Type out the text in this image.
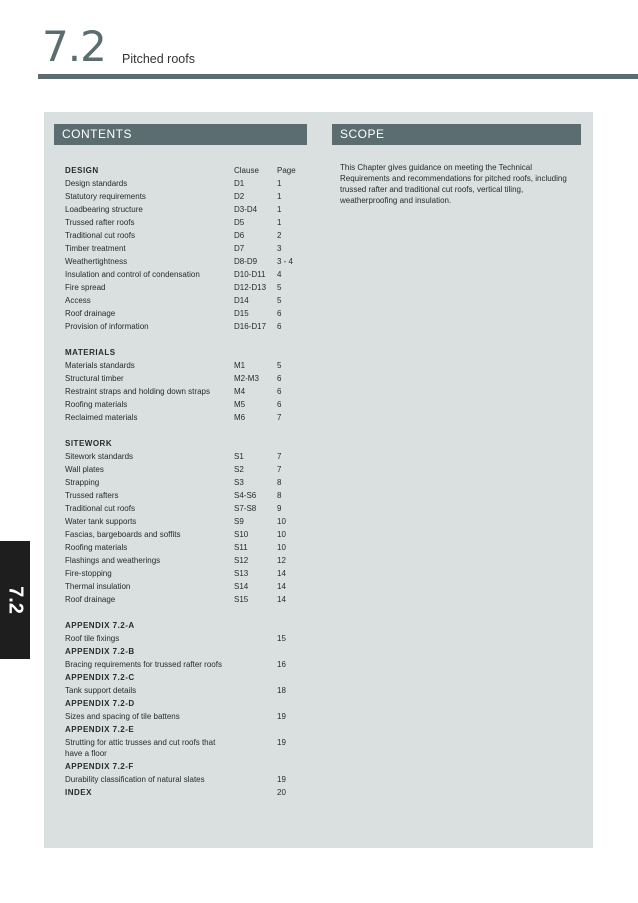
7.2 Pitched roofs
CONTENTS	SCOPE
DESIGN	Clause Page
Design standards	D1	1
Statutory requirements	D2	1
Loadbearing structure	D3-D4 1
Trussed rafter roofs	D5	1
Traditional cut roofs	D6	2
Timber treatment	D7	3
Weathertightness	D8-D9 3 - 4
Insulation and control of condensation	D10-D11 4
Fire spread	D12-D13 5
Access	D14	5
Roof drainage	D15	6
Provision of information	D16-D17 6
MATERIALS
Materials standards	M1	5
Structural timber	M2-M3 6
Restraint straps and holding down straps	M4	6
Roofing materials	M5	6
Reclaimed materials	M6	7
SITEWORK
Sitework standards	S1	7
Wall plates	S2	7
Strapping	S3	8
Trussed rafters	S4-S6	8
Traditional cut roofs	S7-S8	9
Water tank supports	S9	10
Fascias, bargeboards and soffits	S10	10
Roofing materials	S11	10
Flashings and weatherings	S12	12
Fire-stopping	S13	14
Thermal insulation	S14	14
Roof drainage	S15	14
APPENDIX 7.2-A
Roof tile fixings	15
APPENDIX 7.2-B
Bracing requirements for trussed rafter roofs	16
APPENDIX 7.2-C
Tank support details	18
APPENDIX 7.2-D
Sizes and spacing of tile battens	19
APPENDIX 7.2-E
Strutting for attic trusses and cut roofs that have a floor
19
APPENDIX 7.2-F
Durability classification of natural slates	19
INDEX	20
This Chapter gives guidance on meeting the Technical Requirements and recommendations for pitched roofs, including trussed rafter and traditional cut roofs, vertical tiling, weatherproofing and insulation.
7.2
